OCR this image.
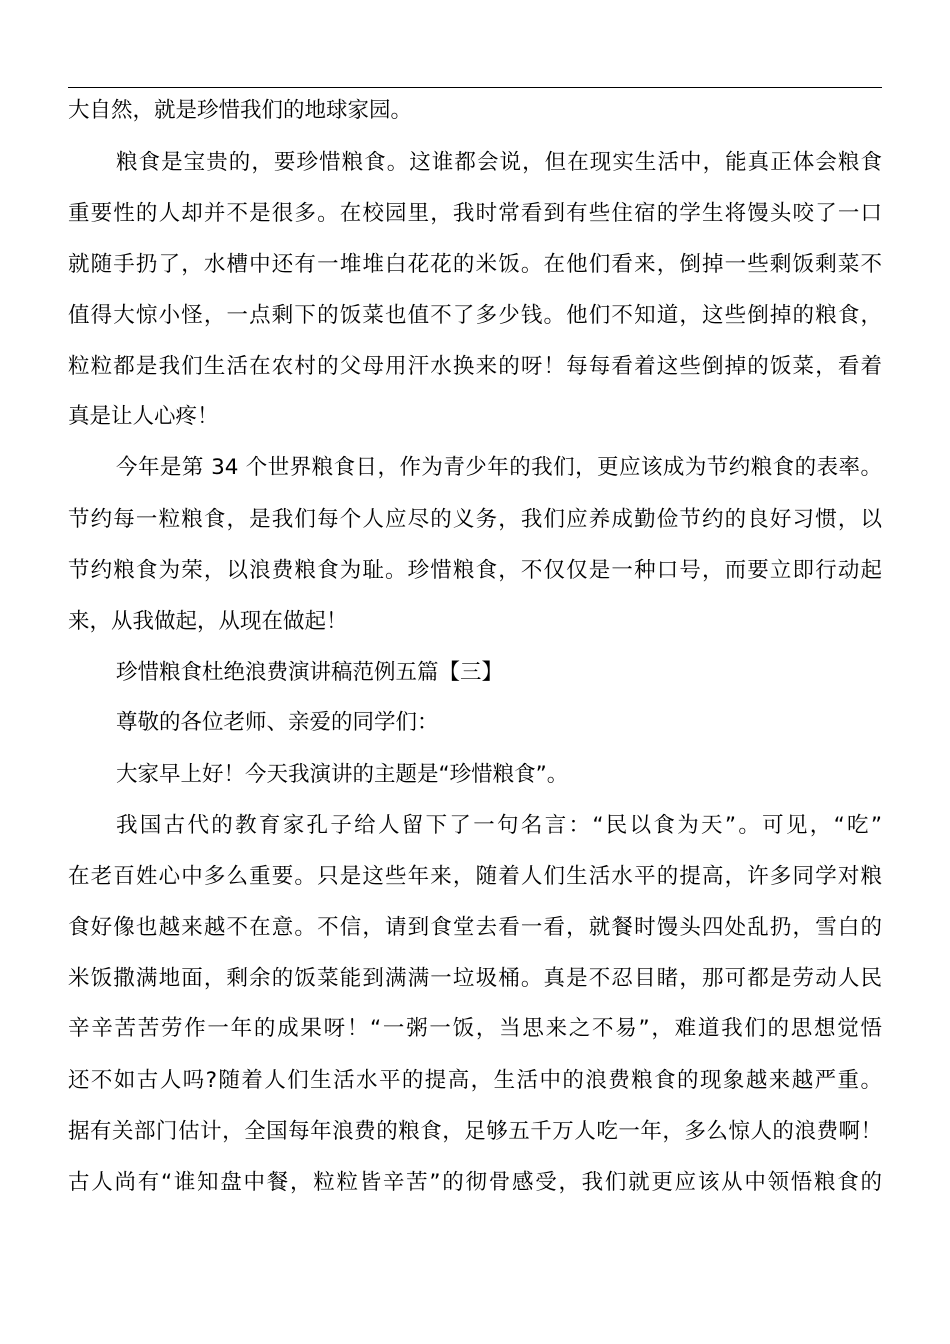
大自然，就是珍惜我们的地球家园。
粮食是宝贵的，要珍惜粮食。这谁都会说，但在现实生活中，能真正体会粮食
重要性的人却并不是很多。在校园里，我时常看到有些住宿的学生将馒头咬了一口
就随手扔了，水槽中还有一堆堆白花花的米饭。在他们看来，倒掉一些剩饭剩菜不
值得大惊小怪，一点剩下的饭菜也值不了多少钱。他们不知道，这些倒掉的粮食，
粒粒都是我们生活在农村的父母用汗水换来的呀！每每看着这些倒掉的饭菜，看着
真是让人心疼！
今年是第 34 个世界粮食日，作为青少年的我们，更应该成为节约粮食的表率。
节约每一粒粮食，是我们每个人应尽的义务，我们应养成勤俭节约的良好习惯，以
节约粮食为荣，以浪费粮食为耻。珍惜粮食，不仅仅是一种口号，而要立即行动起
来，从我做起，从现在做起！
珍惜粮食杜绝浪费演讲稿范例五篇【三】
尊敬的各位老师、亲爱的同学们：
大家早上好！今天我演讲的主题是“珍惜粮食”。
我国古代的教育家孔子给人留下了一句名言：“民以食为天”。可见，“吃”
在老百姓心中多么重要。只是这些年来，随着人们生活水平的提高，许多同学对粮
食好像也越来越不在意。不信，请到食堂去看一看，就餐时馒头四处乱扔，雪白的
米饭撒满地面，剩余的饭菜能到满满一垃圾桶。真是不忍目睹，那可都是劳动人民
辛辛苦苦劳作一年的成果呀！“一粥一饭，当思来之不易”，难道我们的思想觉悟
还不如古人吗?随着人们生活水平的提高，生活中的浪费粮食的现象越来越严重。
据有关部门估计，全国每年浪费的粮食，足够五千万人吃一年，多么惊人的浪费啊！
古人尚有“谁知盘中餐，粒粒皆辛苦”的彻骨感受，我们就更应该从中领悟粮食的
